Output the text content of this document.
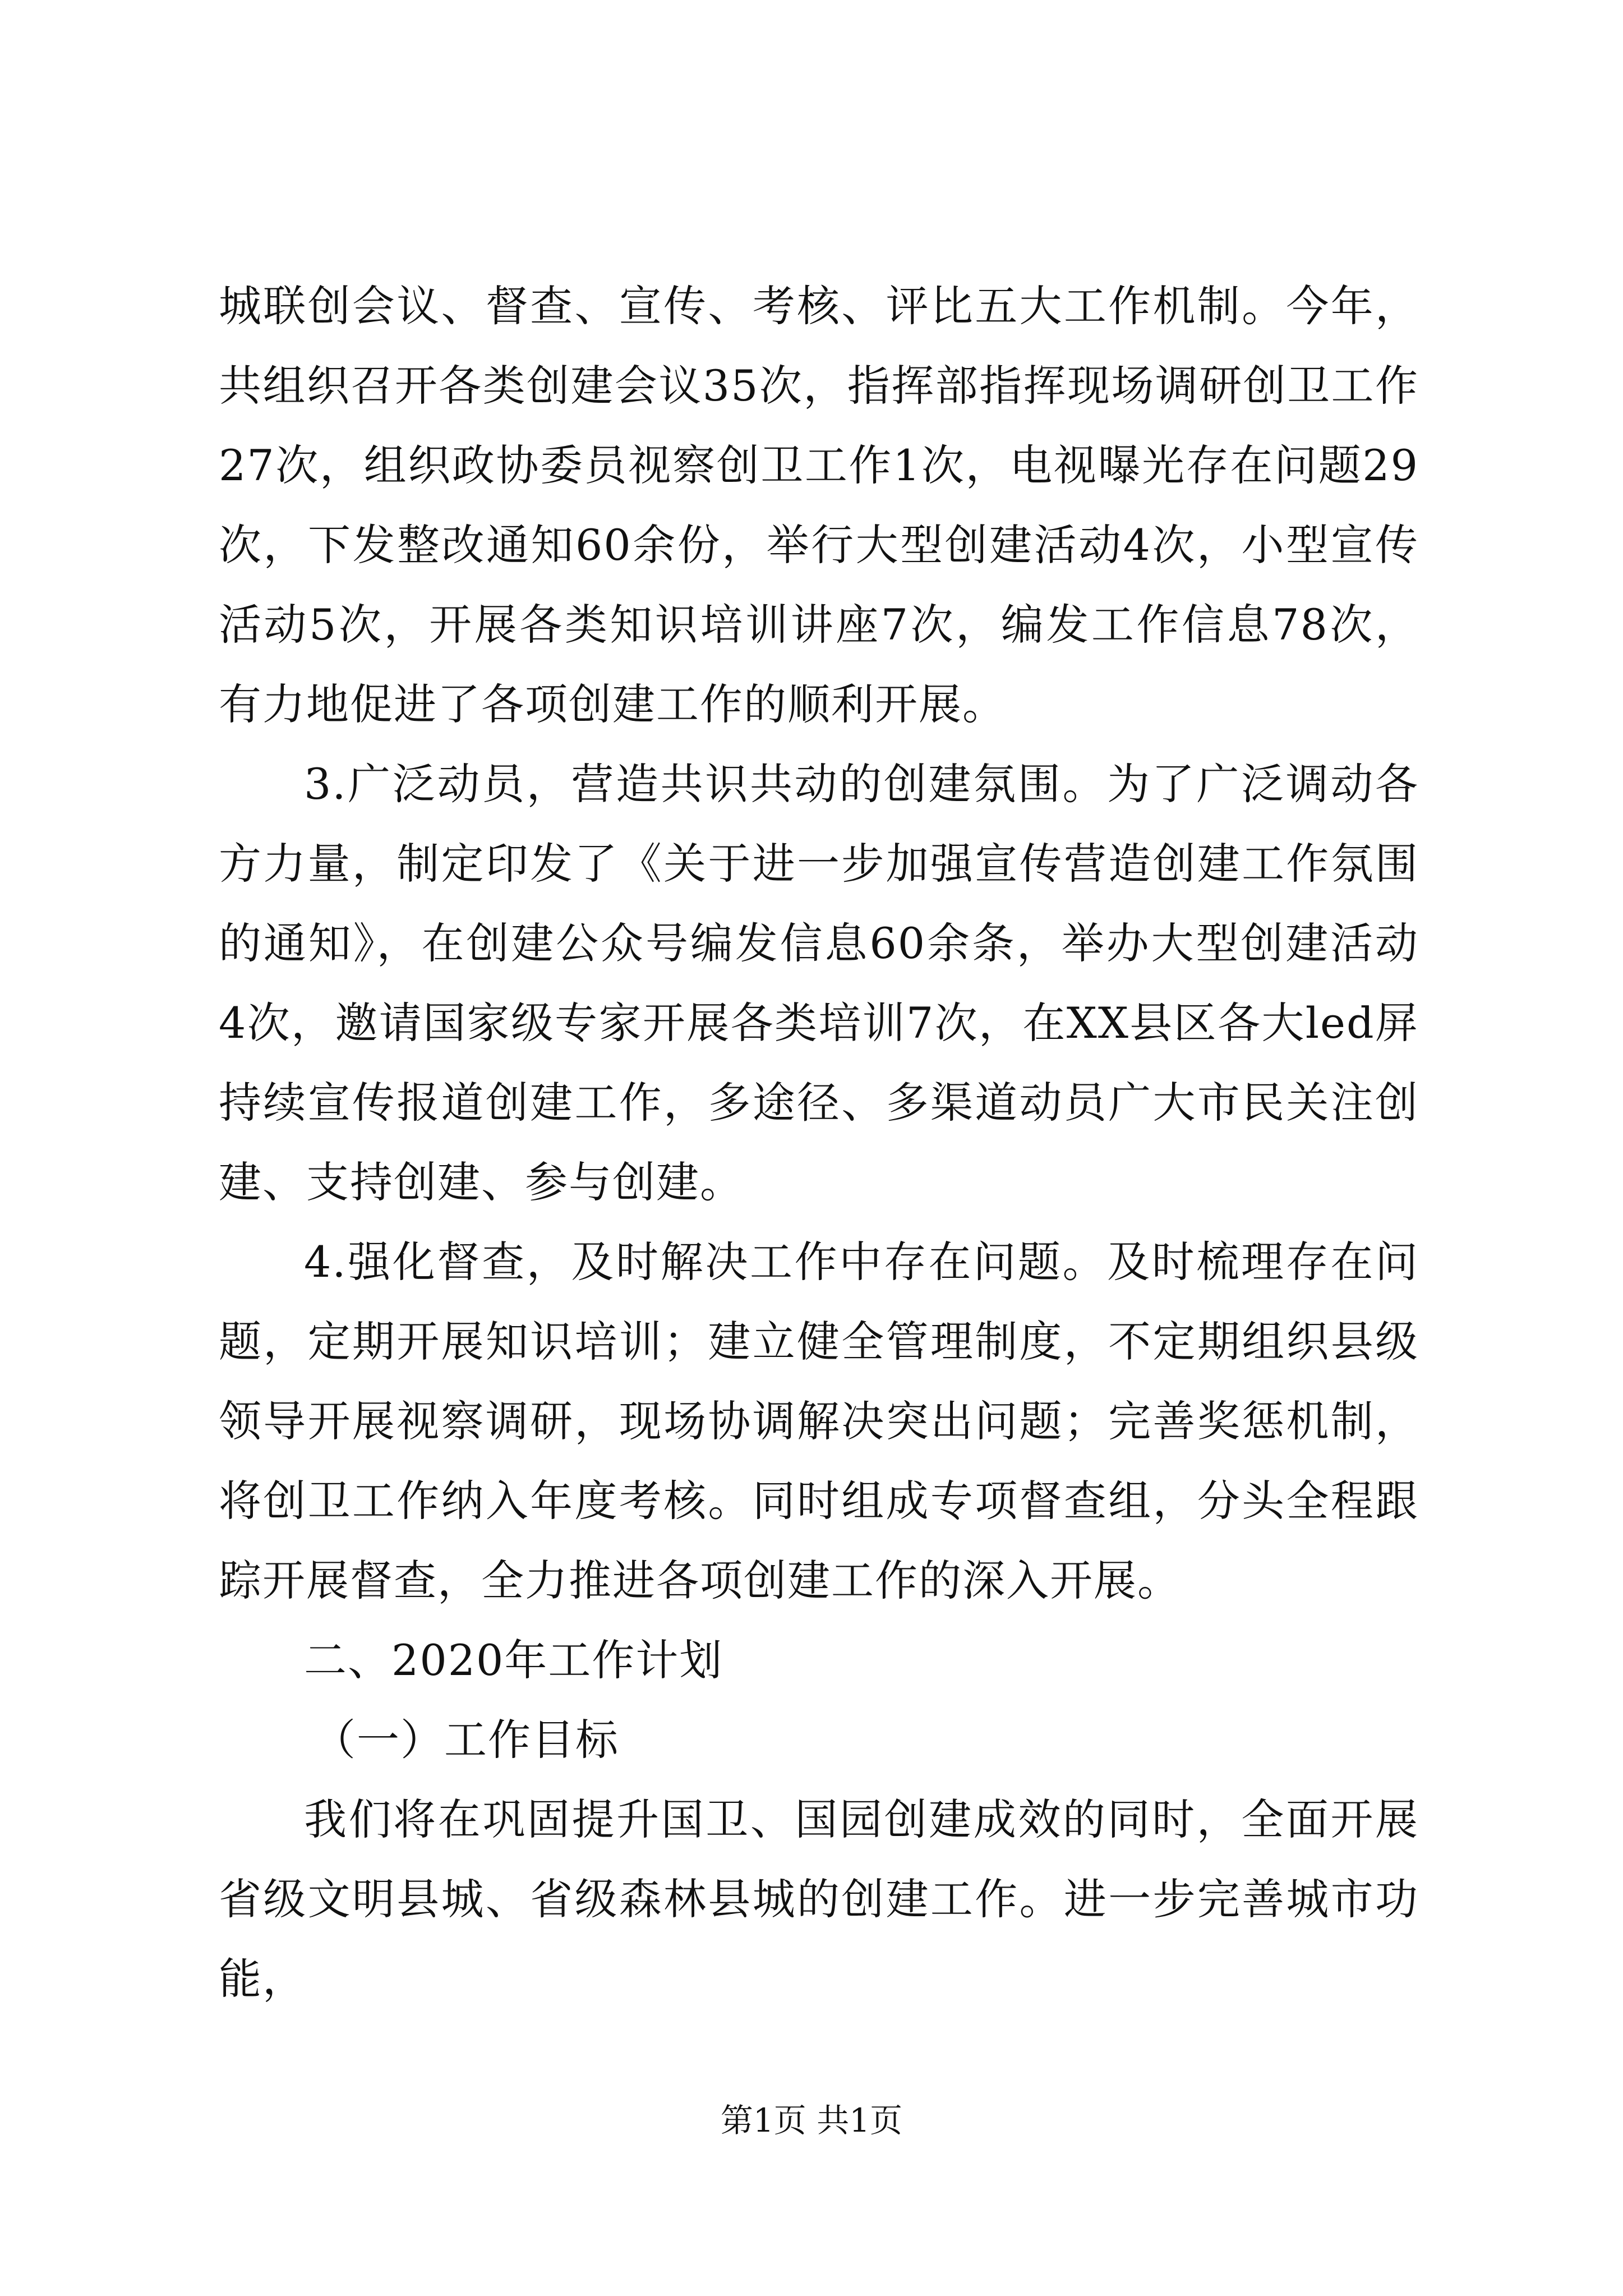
城联创会议、督查、宣传、考核、评比五大工作机制。今年，共组织召开各类创建会议35次，指挥部指挥现场调研创卫工作27次，组织政协委员视察创卫工作1次，电视曝光存在问题29次，下发整改通知60余份，举行大型创建活动4次，小型宣传活动5次，开展各类知识培训讲座7次，编发工作信息78次，有力地促进了各项创建工作的顺利开展。

3.广泛动员，营造共识共动的创建氛围。为了广泛调动各方力量，制定印发了《关于进一步加强宣传营造创建工作氛围的通知》，在创建公众号编发信息60余条，举办大型创建活动4次，邀请国家级专家开展各类培训7次，在XX县区各大led屏持续宣传报道创建工作，多途径、多渠道动员广大市民关注创建、支持创建、参与创建。

4.强化督查，及时解决工作中存在问题。及时梳理存在问题，定期开展知识培训；建立健全管理制度，不定期组织县级领导开展视察调研，现场协调解决突出问题；完善奖惩机制，将创卫工作纳入年度考核。同时组成专项督查组，分头全程跟踪开展督查，全力推进各项创建工作的深入开展。

二、2020年工作计划

（一）工作目标

我们将在巩固提升国卫、国园创建成效的同时，全面开展省级文明县城、省级森林县城的创建工作。进一步完善城市功能，

第1页 共1页
